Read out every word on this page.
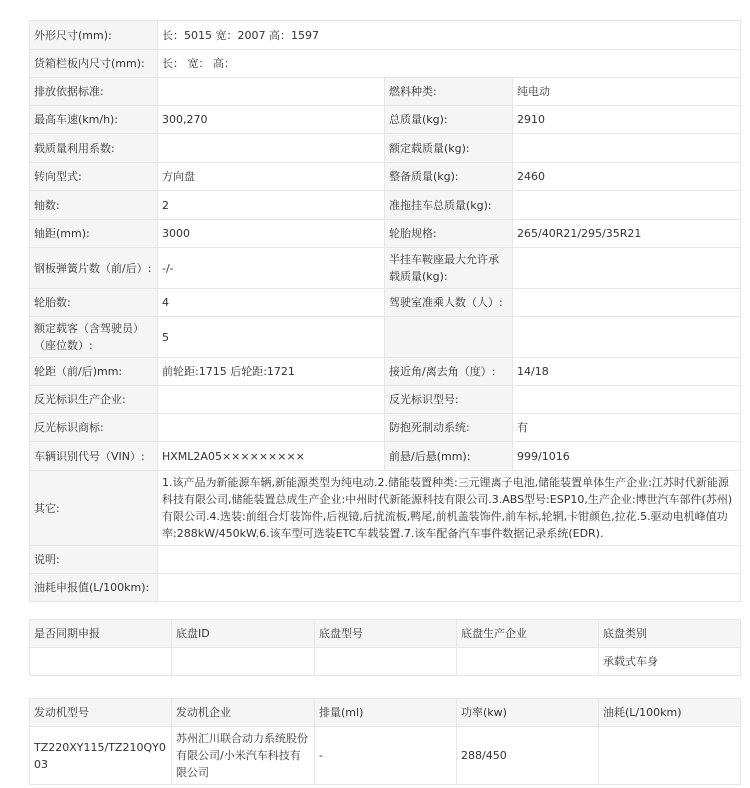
外形尺寸(mm):	长：5015 宽：2007 高：1597		
货箱栏板内尺寸(mm):	长： 宽： 高：		
排放依据标准:		燃料种类:	纯电动
最高车速(km/h):	300,270	总质量(kg):	2910
载质量利用系数:		额定载质量(kg):	
转向型式:	方向盘	整备质量(kg):	2460
轴数:	2	准拖挂车总质量(kg):	
轴距(mm):	3000	轮胎规格:	265/40R21/295/35R21
钢板弹簧片数（前/后）:	-/-	半挂车鞍座最大允许承载质量(kg):	
轮胎数:	4	驾驶室准乘人数（人）:	
额定载客（含驾驶员）（座位数）:	5		
轮距（前/后)mm:	前轮距:1715 后轮距:1721	接近角/离去角（度）:	14/18
反光标识生产企业:		反光标识型号:	
反光标识商标:		防抱死制动系统:	有
车辆识别代号（VIN）:	HXML2A05×××××××××	前悬/后悬(mm):	999/1016
其它:	1.该产品为新能源车辆,新能源类型为纯电动.2.储能装置种类:三元锂离子电池,储能装置单体生产企业:江苏时代新能源科技有限公司,储能装置总成生产企业:中州时代新能源科技有限公司.3.ABS型号:ESP10,生产企业:博世汽车部件(苏州)有限公司.4.选装:前组合灯装饰件,后视镜,后扰流板,鸭尾,前机盖装饰件,前车标,轮辋,卡钳颜色,拉花.5.驱动电机峰值功率:288kW/450kW.6.该车型可选装ETC车载装置.7.该车配备汽车事件数据记录系统(EDR).		
说明:			
油耗申报值(L/100km):			
是否同期申报	底盘ID	底盘型号	底盘生产企业	底盘类别
				承载式车身
发动机型号	发动机企业	排量(ml)	功率(kw)	油耗(L/100km)
TZ220XY115/TZ210QY003	苏州汇川联合动力系统股份有限公司/小米汽车科技有限公司	-	288/450	
